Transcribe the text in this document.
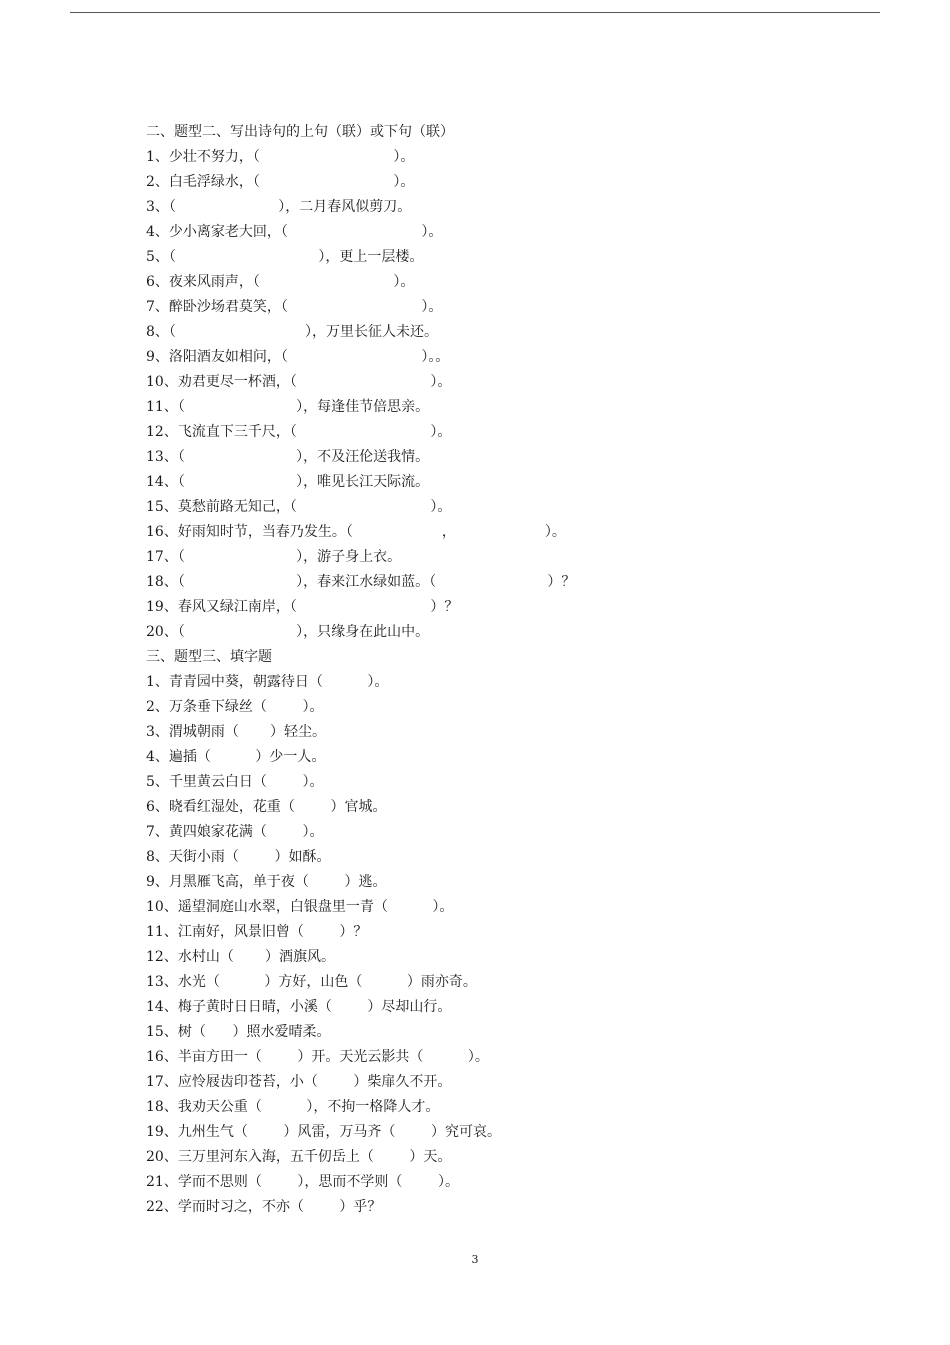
二、题型二、写出诗句的上句（联）或下句（联）
1、少壮不努力，（                              ）。
2、白毛浮绿水，（                              ）。
3、（                       ），二月春风似剪刀。
4、少小离家老大回，（                              ）。
5、（                                ），更上一层楼。
6、夜来风雨声，（                              ）。
7、醉卧沙场君莫笑，（                              ）。
8、（                             ），万里长征人未还。
9、洛阳酒友如相问，（                              ）。。
10、劝君更尽一杯酒，（                              ）。
11、（                         ），每逢佳节倍思亲。
12、飞流直下三千尺，（                              ）。
13、（                         ），不及汪伦送我情。
14、（                         ），唯见长江天际流。
15、莫愁前路无知己，（                              ）。
16、好雨知时节，当春乃发生。（                    ，                    ）。
17、（                         ），游子身上衣。
18、（                         ），春来江水绿如蓝。（                         ）？
19、春风又绿江南岸，（                              ）？
20、（                         ），只缘身在此山中。
三、题型三、填字题
1、青青园中葵，朝露待日（          ）。
2、万条垂下绿丝（        ）。
3、渭城朝雨（       ）轻尘。
4、遍插（          ）少一人。
5、千里黄云白日（        ）。
6、晓看红湿处，花重（        ）官城。
7、黄四娘家花满（        ）。
8、天街小雨（        ）如酥。
9、月黑雁飞高，单于夜（        ）逃。
10、遥望洞庭山水翠，白银盘里一青（          ）。
11、江南好，风景旧曾（        ）？
12、水村山（       ）酒旗风。
13、水光（          ）方好，山色（          ）雨亦奇。
14、梅子黄时日日晴，小溪（        ）尽却山行。
15、树（      ）照水爱晴柔。
16、半亩方田一（        ）开。天光云影共（          ）。
17、应怜屐齿印苍苔，小（        ）柴扉久不开。
18、我劝天公重（          ），不拘一格降人才。
19、九州生气（        ）风雷，万马齐（        ）究可哀。
20、三万里河东入海，五千仞岳上（        ）天。
21、学而不思则（        ），思而不学则（        ）。
22、学而时习之，不亦（        ）乎？
3
